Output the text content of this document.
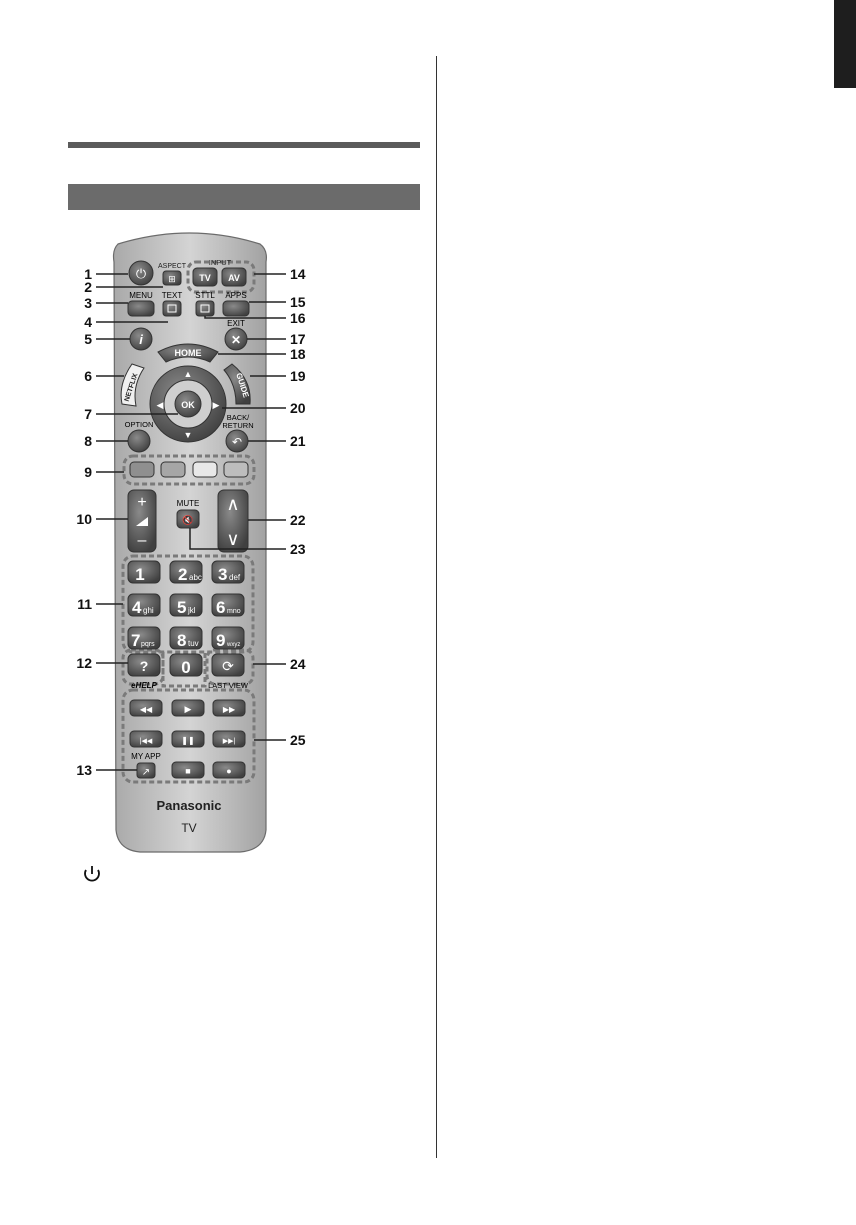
⏻ ASPECT
⊞
INPUT
TV AV
MENU TEXT STTL APPS
i
EXIT
✕
HOME
NETFLIX	GUIDE
▲
▼
◀	▶
OK
OPTION
BACK/
RETURN
↶
+
–
MUTE
🔇
∧
∨
1 2 abc 3 def
4 ghi 5 jkl 6 mno
7 pqrs 8 tuv 9 wxyz
?
eHELP
0 ⟳
LAST VIEW
◀◀	▶	▶▶
|◀◀	❚❚	▶▶|
MY APP
↗	■	●
Panasonic
TV
1
2
3
4
5
6
7
8
9
10
11
12
13
14
15
16
17
18
19
20
21
22
23
24
25
